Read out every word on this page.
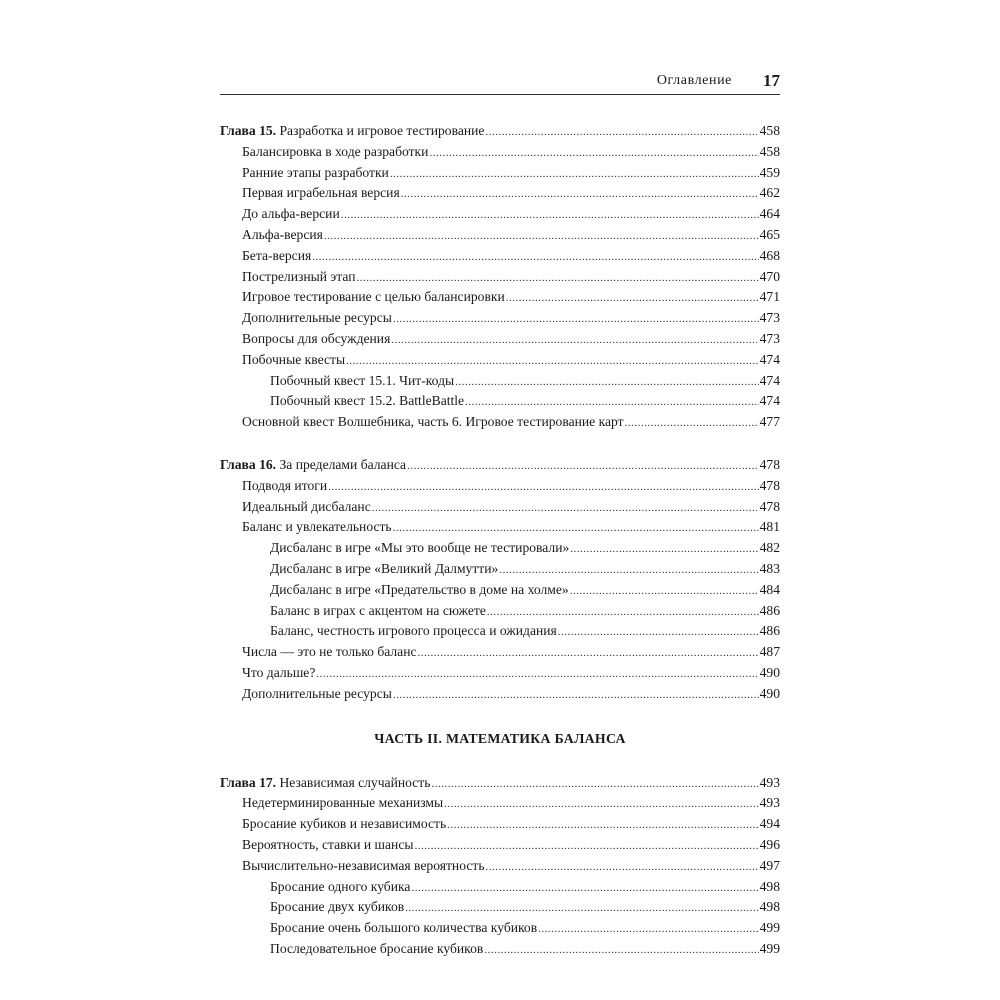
Оглавление 17
Глава 15. Разработка и игровое тестирование .....	458
Балансировка в ходе разработки .....	458
Ранние этапы разработки .....	459
Первая играбельная версия .....	462
До альфа-версии .....	464
Альфа-версия .....	465
Бета-версия .....	468
Пострелизный этап .....	470
Игровое тестирование с целью балансировки .....	471
Дополнительные ресурсы .....	473
Вопросы для обсуждения .....	473
Побочные квесты .....	474
Побочный квест 15.1. Чит-коды .....	474
Побочный квест 15.2. BattleBattle .....	474
Основной квест Волшебника, часть 6. Игровое тестирование карт .....	477
Глава 16. За пределами баланса .....	478
Подводя итоги .....	478
Идеальный дисбаланс .....	478
Баланс и увлекательность .....	481
Дисбаланс в игре «Мы это вообще не тестировали» .....	482
Дисбаланс в игре «Великий Далмутти» .....	483
Дисбаланс в игре «Предательство в доме на холме» .....	484
Баланс в играх с акцентом на сюжете .....	486
Баланс, честность игрового процесса и ожидания .....	486
Числа — это не только баланс .....	487
Что дальше? .....	490
Дополнительные ресурсы .....	490
ЧАСТЬ II. МАТЕМАТИКА БАЛАНСА
Глава 17. Независимая случайность .....	493
Недетерминированные механизмы .....	493
Бросание кубиков и независимость .....	494
Вероятность, ставки и шансы .....	496
Вычислительно-независимая вероятность .....	497
Бросание одного кубика .....	498
Бросание двух кубиков .....	498
Бросание очень большого количества кубиков .....	499
Последовательное бросание кубиков .....	499
